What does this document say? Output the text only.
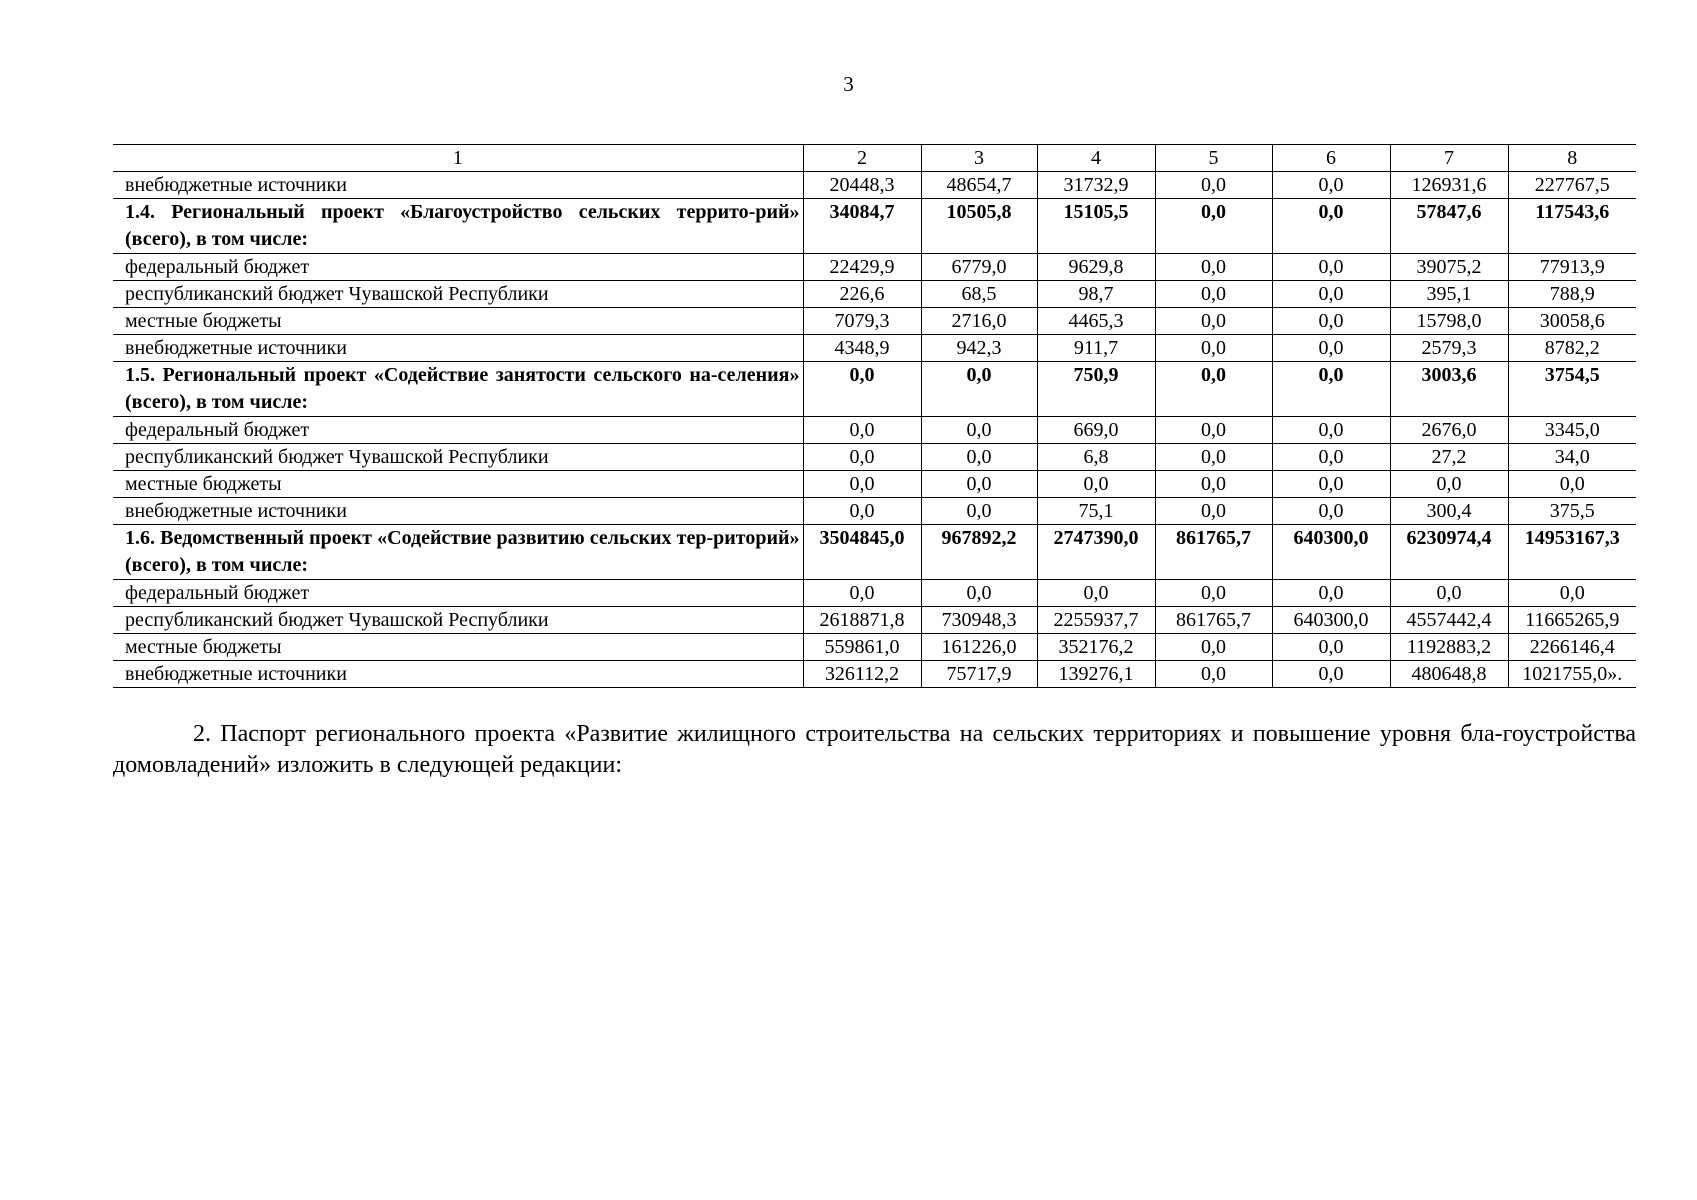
3
1	2	3	4	5	6	7	8
внебюджетные источники	20448,3	48654,7	31732,9	0,0	0,0	126931,6	227767,5
1.4. Региональный проект «Благоустройство сельских террито-рий» (всего), в том числе:	34084,7	10505,8	15105,5	0,0	0,0	57847,6	117543,6
федеральный бюджет	22429,9	6779,0	9629,8	0,0	0,0	39075,2	77913,9
республиканский бюджет Чувашской Республики	226,6	68,5	98,7	0,0	0,0	395,1	788,9
местные бюджеты	7079,3	2716,0	4465,3	0,0	0,0	15798,0	30058,6
внебюджетные источники	4348,9	942,3	911,7	0,0	0,0	2579,3	8782,2
1.5. Региональный проект «Содействие занятости сельского на-селения» (всего), в том числе:	0,0	0,0	750,9	0,0	0,0	3003,6	3754,5
федеральный бюджет	0,0	0,0	669,0	0,0	0,0	2676,0	3345,0
республиканский бюджет Чувашской Республики	0,0	0,0	6,8	0,0	0,0	27,2	34,0
местные бюджеты	0,0	0,0	0,0	0,0	0,0	0,0	0,0
внебюджетные источники	0,0	0,0	75,1	0,0	0,0	300,4	375,5
1.6. Ведомственный проект «Содействие развитию сельских тер-риторий» (всего), в том числе:	3504845,0	967892,2	2747390,0	861765,7	640300,0	6230974,4	14953167,3
федеральный бюджет	0,0	0,0	0,0	0,0	0,0	0,0	0,0
республиканский бюджет Чувашской Республики	2618871,8	730948,3	2255937,7	861765,7	640300,0	4557442,4	11665265,9
местные бюджеты	559861,0	161226,0	352176,2	0,0	0,0	1192883,2	2266146,4
внебюджетные источники	326112,2	75717,9	139276,1	0,0	0,0	480648,8	1021755,0».
2. Паспорт регионального проекта «Развитие жилищного строительства на сельских территориях и повышение уровня бла-гоустройства домовладений» изложить в следующей редакции:
